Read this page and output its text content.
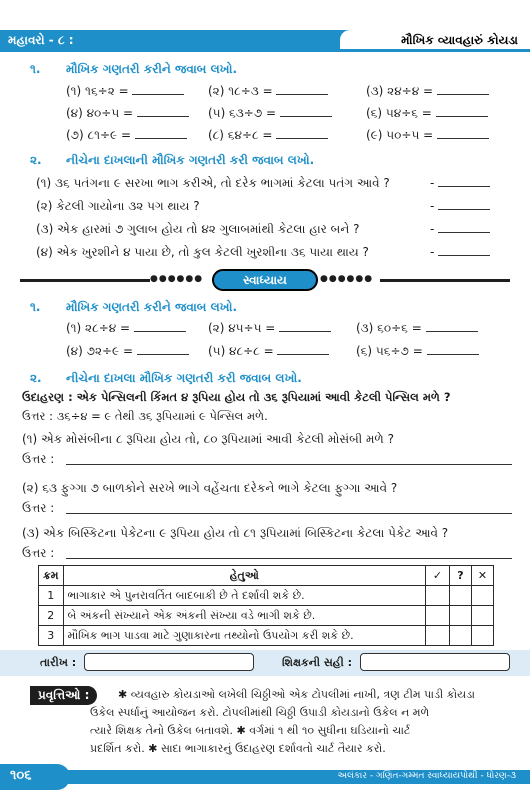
મહાવરો - ૮ :	મૌખિક વ્યાવહારું કોયડા
૧. મૌખિક ગણતરી કરીને જવાબ લખો.
(૧) ૧૬÷૨ =	(૨) ૧૮÷૩ =	(૩) ૨૪÷૪ =
(૪) ૪૦÷૫ =	(૫) ૬૩÷૭ =	(૬) ૫૪÷૬ =
(૭) ૮૧÷૯ =	(૮) ૬૪÷૮ =	(૯) ૫૦÷૫ =
૨. નીચેના દાખલાની મૌખિક ગણતરી કરી જવાબ લખો.
(૧) ૩૬ પતંગના ૯ સરખા ભાગ કરીએ, તો દરેક ભાગમાં કેટલા પતંગ આવે ?	-
(૨) કેટલી ગાયોના ૩૨ પગ થાય ?	-
(૩) એક હારમાં ૭ ગુલાબ હોય તો ૪૨ ગુલાબમાંથી કેટલા હાર બને ?	-
(૪) એક ખુરશીને ૪ પાયા છે, તો કુલ કેટલી ખુરશીના ૩૬ પાયા થાય ?	-
●●●●●●	સ્વાધ્યાય	●●●●●●
૧. મૌખિક ગણતરી કરીને જવાબ લખો.
(૧) ૨૮÷૪ =	(૨) ૪૫÷૫ =	(૩) ૬૦÷૬ =
(૪) ૭૨÷૯ =	(૫) ૪૮÷૮ =	(૬) ૫૬÷૭ =
૨. નીચેના દાખલા મૌખિક ગણતરી કરી જવાબ લખો.
ઉદાહરણ : એક પેન્સિલની કિંમત ૪ રૂપિયા હોય તો ૩૬ રૂપિયામાં આવી કેટલી પેન્સિલ મળે ?
ઉત્તર : ૩૬÷૪ = ૯ તેથી ૩૬ રૂપિયામાં ૯ પેન્સિલ મળે.
(૧) એક મોસંબીના ૮ રૂપિયા હોય તો, ૮૦ રૂપિયામાં આવી કેટલી મોસંબી મળે ?
ઉત્તર :
(૨) ૬૩ ફુગ્ગા ૭ બાળકોને સરખે ભાગે વહેંચતા દરેકને ભાગે કેટલા ફુગ્ગા આવે ?
ઉત્તર :
(૩) એક બિસ્કિટના પેકેટના ૯ રૂપિયા હોય તો ૮૧ રૂપિયામાં બિસ્કિટના કેટલા પેકેટ આવે ?
ઉત્તર :
ક્રમ	હેતુઓ	✓	?	✕
1	ભાગાકાર એ પુનરાવર્તિત બાદબાકી છે તે દર્શાવી શકે છે.			
2	બે અંકની સંખ્યાને એક અંકની સંખ્યા વડે ભાગી શકે છે.			
3	મૌખિક ભાગ પાડવા માટે ગુણાકારના તથ્યોનો ઉપયોગ કરી શકે છે.			
તારીખ :	શિક્ષકની સહી :
પ્રવૃત્તિઓ :	✱ વ્યવહારુ કોયડાઓ લખેલી ચિઠ્ઠીઓ એક ટોપલીમાં નાખી, ત્રણ ટીમ પાડી કોયડા
ઉકેલ સ્પર્ધાનું આયોજન કરો. ટોપલીમાંથી ચિઠ્ઠી ઉપાડી કોયડાનો ઉકેલ ન મળે
ત્યારે શિક્ષક તેનો ઉકેલ બતાવશે. ✱ વર્ગમાં ૧ થી ૧૦ સુધીના ઘડિયાનો ચાર્ટ
પ્રદર્શિત કરો. ✱ સાદા ભાગાકારનું ઉદાહરણ દર્શાવતો ચાર્ટ તૈયાર કરો.
૧૦૬	અલંકાર - ગણિત-ગમ્મત સ્વાધ્યાયપોથી - ધોરણ-૩
